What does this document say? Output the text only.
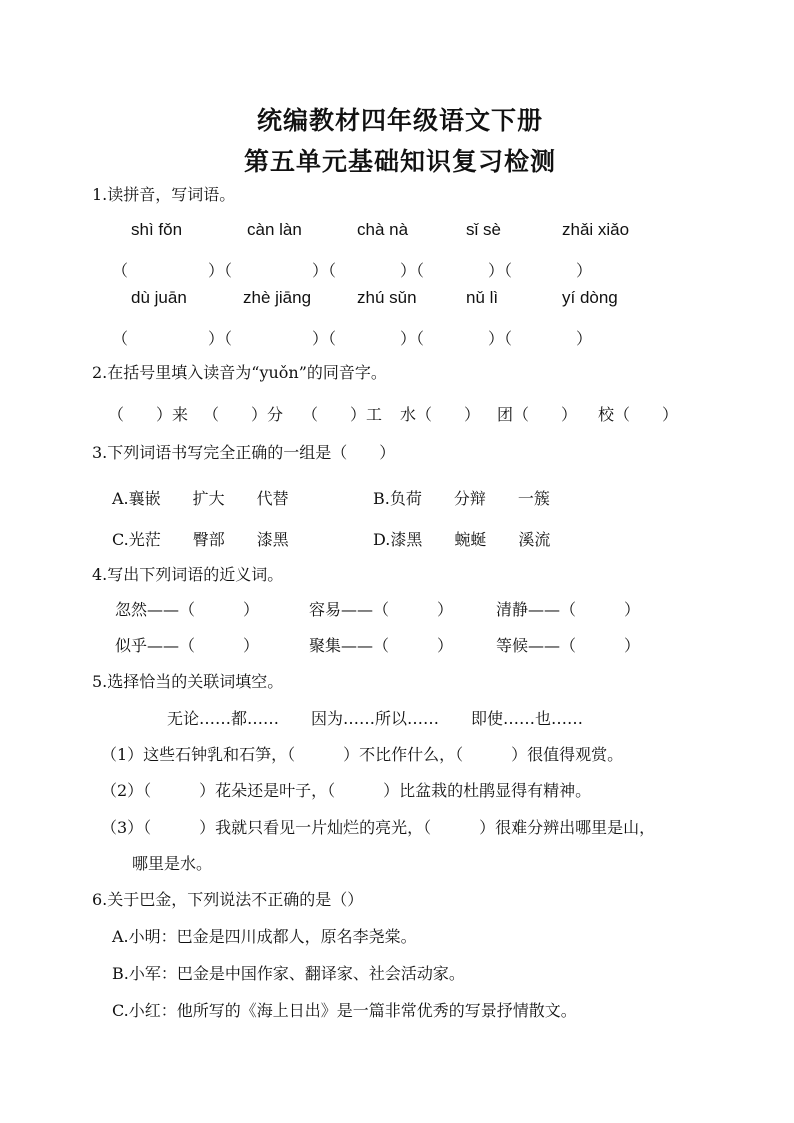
统编教材四年级语文下册
第五单元基础知识复习检测
1.读拼音，写词语。
shì fǒn	càn làn	chà nà	sǐ sè	zhǎi xiǎo
（　　　　　）（　　　　　）（　　　　）（　　　　）（　　　　）
dù juān	zhè jiāng	zhú sǔn	nǔ lì	yí dòng
（　　　　　）（　　　　　）（　　　　）（　　　　）（　　　　）
2.在括号里填入读音为“yuǒn”的同音字。
（　　）来 （　　）分 （　　）工 水（　　） 团（　　） 校（　　）
3.下列词语书写完全正确的一组是（　　）
A.襄嵌　　扩大　　代替	B.负荷　　分辩　　一簇
C.光茫　　臀部　　漆黑	D.漆黑　　蜿蜒　　溪流
4.写出下列词语的近义词。
忽然——（　　　）	容易——（　　　）	清静——（　　　）
似乎——（　　　）	聚集——（　　　）	等候——（　　　）
5.选择恰当的关联词填空。
无论……都……　　因为……所以……　　即使……也……
（1）这些石钟乳和石笋，（　　　）不比作什么，（　　　）很值得观赏。
（2）（　　　）花朵还是叶子，（　　　）比盆栽的杜鹃显得有精神。
（3）（　　　）我就只看见一片灿烂的亮光，（　　　）很难分辨出哪里是山，
哪里是水。
6.关于巴金，下列说法不正确的是（）
A.小明：巴金是四川成都人，原名李尧棠。
B.小军：巴金是中国作家、翻译家、社会活动家。
C.小红：他所写的《海上日出》是一篇非常优秀的写景抒情散文。
